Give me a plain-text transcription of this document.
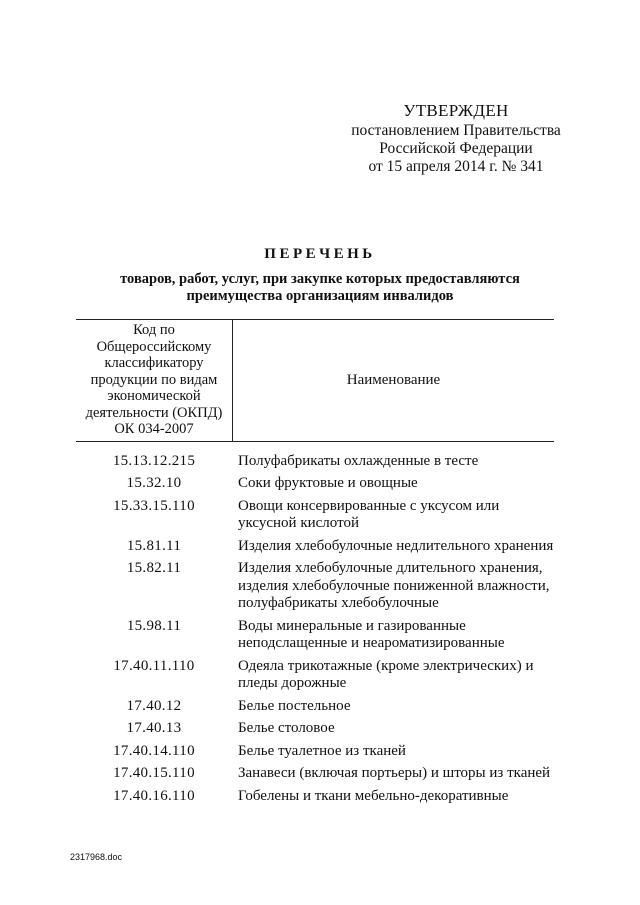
УТВЕРЖДЕН
постановлением Правительства
Российской Федерации
от 15 апреля 2014 г. № 341
ПЕРЕЧЕНЬ
товаров, работ, услуг, при закупке которых предоставляются
преимущества организациям инвалидов
Код по
Общероссийскому
классификатору
продукции по видам
экономической
деятельности (ОКПД)
ОК 034-2007
Наименование
15.13.12.215	Полуфабрикаты охлажденные в тесте
15.32.10	Соки фруктовые и овощные
15.33.15.110	Овощи консервированные с уксусом или
уксусной кислотой
15.81.11	Изделия хлебобулочные недлительного хранения
15.82.11	Изделия хлебобулочные длительного хранения,
изделия хлебобулочные пониженной влажности,
полуфабрикаты хлебобулочные
15.98.11	Воды минеральные и газированные
неподслащенные и неароматизированные
17.40.11.110	Одеяла трикотажные (кроме электрических) и
пледы дорожные
17.40.12	Белье постельное
17.40.13	Белье столовое
17.40.14.110	Белье туалетное из тканей
17.40.15.110	Занавеси (включая портьеры) и шторы из тканей
17.40.16.110	Гобелены и ткани мебельно-декоративные
2317968.doc
